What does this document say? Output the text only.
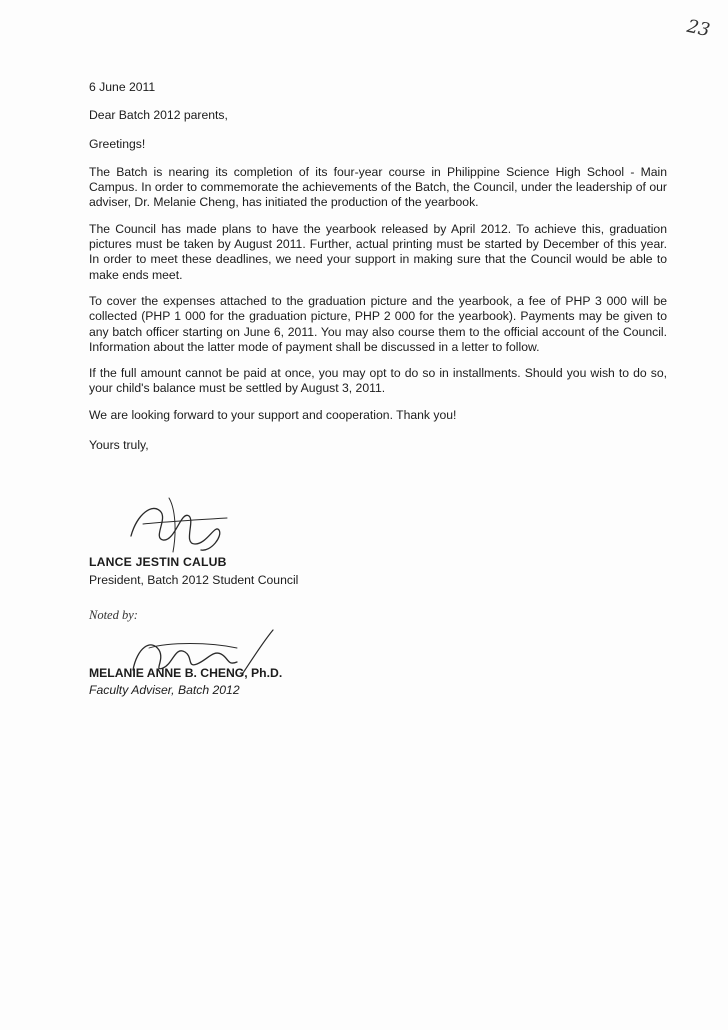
23

6 June 2011

Dear Batch 2012 parents,

Greetings!

The Batch is nearing its completion of its four-year course in Philippine Science High School - Main Campus. In order to commemorate the achievements of the Batch, the Council, under the leadership of our adviser, Dr. Melanie Cheng, has initiated the production of the yearbook.

The Council has made plans to have the yearbook released by April 2012. To achieve this, graduation pictures must be taken by August 2011. Further, actual printing must be started by December of this year. In order to meet these deadlines, we need your support in making sure that the Council would be able to make ends meet.

To cover the expenses attached to the graduation picture and the yearbook, a fee of PHP 3 000 will be collected (PHP 1 000 for the graduation picture, PHP 2 000 for the yearbook). Payments may be given to any batch officer starting on June 6, 2011. You may also course them to the official account of the Council. Information about the latter mode of payment shall be discussed in a letter to follow.

If the full amount cannot be paid at once, you may opt to do so in installments. Should you wish to do so, your child's balance must be settled by August 3, 2011.

We are looking forward to your support and cooperation. Thank you!

Yours truly,

LANCE JESTIN CALUB
President, Batch 2012 Student Council
Noted by:
MELANIE ANNE B. CHENG, Ph.D.
Faculty Adviser, Batch 2012
